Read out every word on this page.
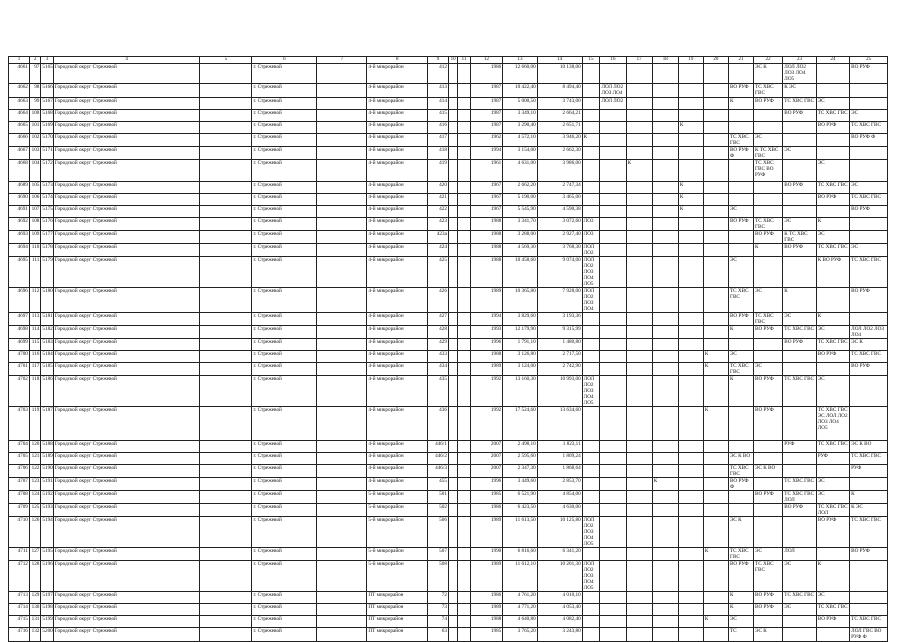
1	2	3	4	5	6	7	8	9	10	11	12	13	14	15	16	17	18	19	20	21	22	23	24	25
4661	97	5165	Городской округ Стрежевой		г. Стрежевой		4-й микрорайон	412			1986	12 660,00	10 138,00								ЭС К	ЛОЛ ЛО2 ЛОЗ ЛО4 ЛО5		ВО РУФ
4662	98	5166	Городской округ Стрежевой		г. Стрежевой		4-й микрорайон	413			1987	10 422,40	8 494,40		ЛОЛ ЛО2 ЛОЗ ЛО4					ВО РУФ	ТС ХВС ГВС	К ЭС		
4663	99	5167	Городской округ Стрежевой		г. Стрежевой		4-й микрорайон	414			1987	5 000,50	3 743,00		ЛОЛ ЛО2					К	ВО РУФ	ТС ХВС ГВС	ЭС	
4664	100	5168	Городской округ Стрежевой		г. Стрежевой		4-й микрорайон	415			1987	3 349,10	2 664,21									ВО РУФ	ТС ХВС ГВС	ЭС
4665	101	5169	Городской округ Стрежевой		г. Стрежевой		4-й микрорайон	416			1987	3 290,40	2 651,71					К					ВО РУФ	ТС ХВС ГВС
4666	102	5170	Городской округ Стрежевой		г. Стрежевой		4-й микрорайон	417			1962	4 572,10	3 946,20	К						ТС ХВС ГВС	ЭС			ВО РУФ Ф
4667	103	5171	Городской округ Стрежевой		г. Стрежевой		4-й микрорайон	418			1994	3 154,00	2 662,30							ВО РУФ Ф	К ТС ХВС ГВС	ЭС		
4668	104	5172	Городской округ Стрежевой		г. Стрежевой		4-й микрорайон	419			1961	4 631,00	3 986,00			К					ТС ХВС ГВС ВО РУФ		ЭС	
4689	105	5173	Городской округ Стрежевой		г. Стрежевой		4-й микрорайон	420			1967	2 662,20	2 747,34					К				ВО РУФ	ТС ХВС ГВС	ЭС
4690	106	5174	Городской округ Стрежевой		г. Стрежевой		4-й микрорайон	421			1967	5 190,00	3 465,00					К					ВО РУФ	ТС ХВС ГВС
4691	107	5175	Городской округ Стрежевой		г. Стрежевой		4-й микрорайон	422			1967	5 545,90	4 590,38					К		ЭС				ВО РУФ
4692	108	5176	Городской округ Стрежевой		г. Стрежевой		4-й микрорайон	423			1988	3 341,70	3 072,60	ЛО3						ВО РУФ	ТС ХВС ГВС	ЭС	К	
4693	109	5177	Городской округ Стрежевой		г. Стрежевой		4-й микрорайон	423а			1988	3 288,00	2 927,40	ЛО3							ВО РУФ	К ТС ХВС ГВС	ЭС	
4694	110	5178	Городской округ Стрежевой		г. Стрежевой		4-й микрорайон	424			1988	4 569,30	3 768,30	ЛОЛ ЛО2							К	ВО РУФ	ТС ХВС ГВС	ЭС
4695	111	5179	Городской округ Стрежевой		г. Стрежевой		4-й микрорайон	425			1988	10 458,60	9 074,00	ЛОЛ ЛО2 ЛОЗ ЛО4 ЛО5						ЭС			К ВО РУФ	ТС ХВС ГВС
4696	112	5180	Городской округ Стрежевой		г. Стрежевой		4-й микрорайон	426			1989	10 365,80	7 928,00	ЛОЛ ЛО2 ЛОЗ ЛО4						ТС ХВС ГВС	ЭС	К		ВО РУФ
4697	113	5181	Городской округ Стрежевой		г. Стрежевой		4-й микрорайон	427			1994	3 829,60	3 193,36							ВО РУФ	ТС ХВС ГВС	ЭС	К	
4698	114	5182	Городской округ Стрежевой		г. Стрежевой		4-й микрорайон	428			1993	12 179,90	9 315,99							К	ВО РУФ	ТС ХВС ГВС	ЭС	ЛОЛ ЛО2 ЛОЗ ЛО4
4699	115	5183	Городской округ Стрежевой		г. Стрежевой		4-й микрорайон	429			1996	1 791,10	1 480,80									ВО РУФ	ТС ХВС ГВС	ЭС К
4700	116	5184	Городской округ Стрежевой		г. Стрежевой		4-й микрорайон	433			1988	3 126,80	2 717,50						К	ЭС			ВО РУФ	ТС ХВС ГВС
4701	117	5185	Городской округ Стрежевой		г. Стрежевой		4-й микрорайон	434			1989	3 124,00	2 742,90						К	ТС ХВС ГВС	ЭС			ВО РУФ
4702	118	5186	Городской округ Стрежевой		г. Стрежевой		4-й микрорайон	435			1992	13 160,30	10 993,00	ЛОЛ ЛО2 ЛОЗ ЛО4 ЛО5						К	ВО РУФ	ТС ХВС ГВС	ЭС	
4703	119	5187	Городской округ Стрежевой		г. Стрежевой		4-й микрорайон	436			1992	17 524,60	13 634,60						К		ВО РУФ		ТС ХВС ГВС ЭС ЛОЛ ЛО2 ЛОЗ ЛО4 ЛО5	
4704	120	5188	Городской округ Стрежевой		г. Стрежевой		4-й микрорайон	446/1			2007	2 498,10	1 823,11									РУФ	ТС ХВС ГВС	ЭС К ВО
4705	121	5189	Городской округ Стрежевой		г. Стрежевой		4-й микрорайон	446/2			2007	2 595,60	1 809,24							ЭС К ВО			РУФ	ТС ХВС ГВС
4706	122	5190	Городской округ Стрежевой		г. Стрежевой		4-й микрорайон	446/3			2007	2 347,30	1 868,64							ТС ХВС ГВС	ЭС К ВО			РУФ
4707	123	5191	Городской округ Стрежевой		г. Стрежевой		4-й микрорайон	455			1996	3 449,60	2 853,70				К			ВО РУФ Ф		ТС ХВС ГВС	ЭС	
4708	124	5192	Городской округ Стрежевой		г. Стрежевой		5-й микрорайон	501			1985	6 521,90	4 854,00								ВО РУФ	ТС ХВС ГВС ЛОЛ	ЭС	К
4709	125	5193	Городской округ Стрежевой		г. Стрежевой		5-й микрорайон	502			1986	6 423,50	4 630,00									ВО РУФ	ТС ХВС ГВС ЛОЛ	К ЭС
4710	126	5194	Городской округ Стрежевой		г. Стрежевой		5-й микрорайон	506			1989	11 613,50	10 125,80	ЛОЛ ЛО2 ЛОЗ ЛО4 ЛО5						ЭС К			ВО РУФ	ТС ХВС ГВС
4711	127	5195	Городской округ Стрежевой		г. Стрежевой		5-й микрорайон	507			1990	6 816,60	6 341,20						К	ТС ХВС ГВС	ЭС	ЛОЛ		ВО РУФ
4712	128	5196	Городской округ Стрежевой		г. Стрежевой		5-й микрорайон	508			1989	11 612,10	10 201,30	ЛОЛ ЛО2 ЛОЗ ЛО4 ЛО5						ВО РУФ	ТС ХВС ГВС	ЭС	К	
4713	129	5197	Городской округ Стрежевой		г. Стрежевой		ПТ микрорайон	72			1986	4 761,20	4 010,10							К	ВО РУФ	ТС ХВС ГВС	ЭС	
4714	130	5198	Городской округ Стрежевой		г. Стрежевой		ПТ микрорайон	73			1989	4 771,20	4 053,40							К	ВО РУФ	ЭС	ТС ХВС ГВС	
4715	131	5199	Городской округ Стрежевой		г. Стрежевой		ПТ микрорайон	74			1988	4 640,80	4 082,40						К	ЭС			ВО РУФ	ТС ХВС ГВС
4716	132	5200	Городской округ Стрежевой		г. Стрежевой		ПТ микрорайон	63			1985	3 765,20	3 243,80							ТС	ЭС К			ЛОЛ ГВС ВО РУФ Ф
